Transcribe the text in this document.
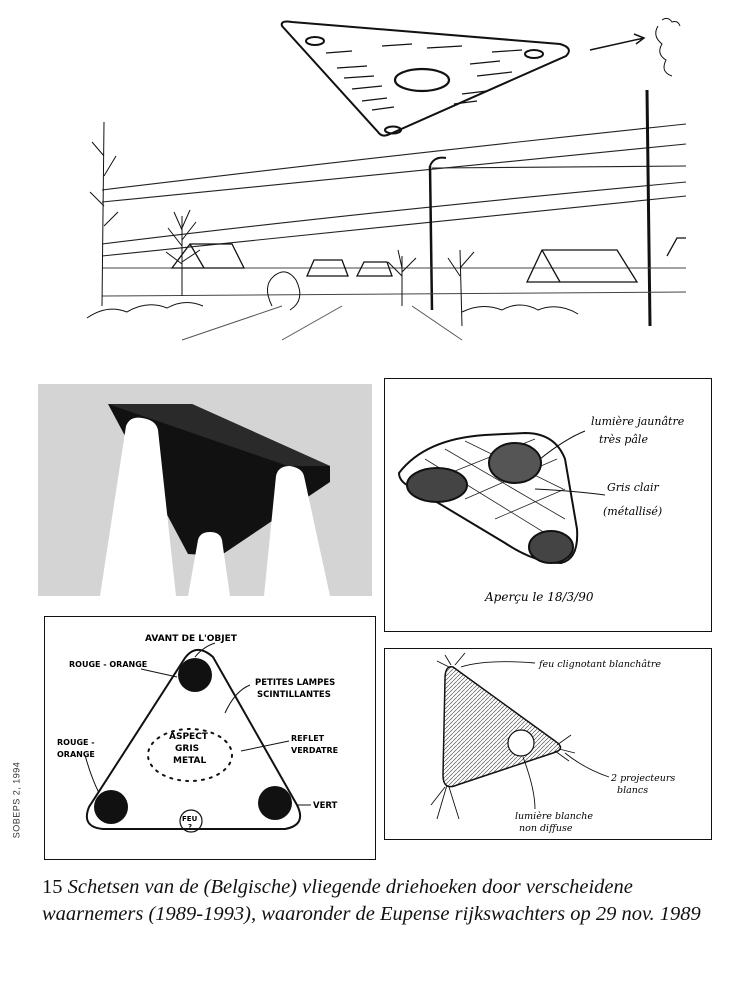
lumière jaunâtre
très pâle
Gris clair
(métallisé)
Aperçu le 18/3/90
AVANT DE L'OBJET
ROUGE - ORANGE
PETITES LAMPES
SCINTILLANTES
ASPECT
GRIS
METAL
REFLET
VERDATRE
ROUGE -
ORANGE
VERT
FEU
?
feu clignotant blanchâtre
2 projecteurs
blancs
lumière blanche
non diffuse
SOBEPS 2, 1994
15 Schetsen van de (Belgische) vliegende driehoeken door verscheidene waarnemers (1989-1993), waaronder de Eupense rijkswachters op 29 nov. 1989
